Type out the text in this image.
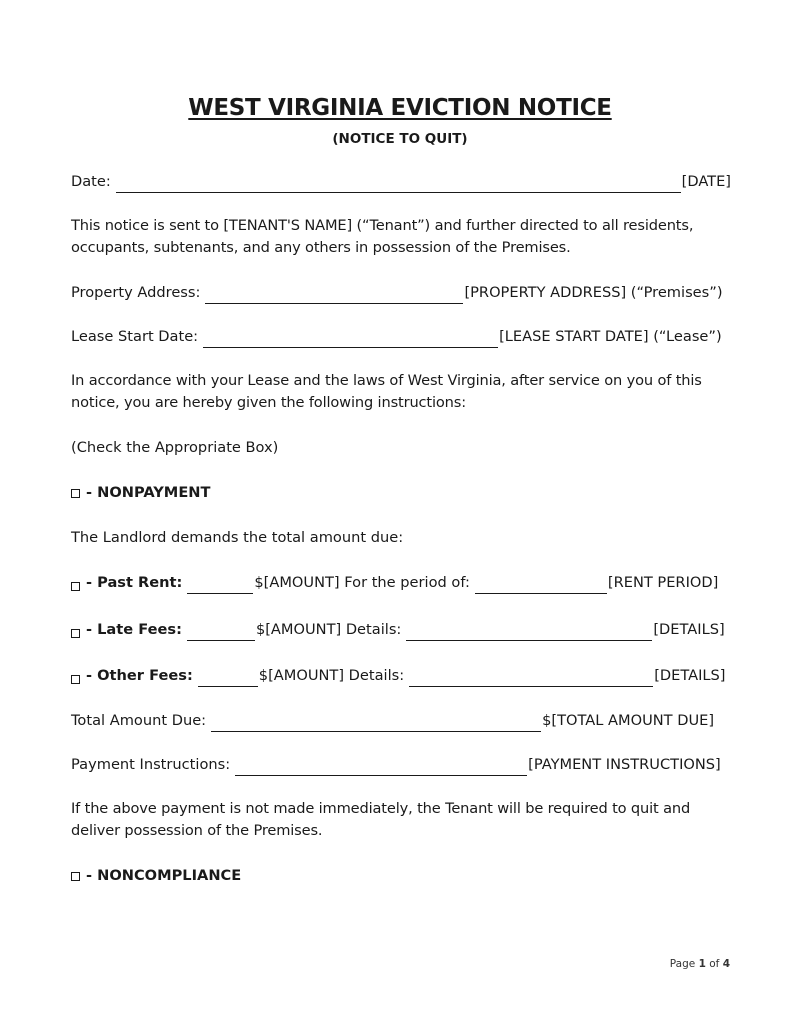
WEST VIRGINIA EVICTION NOTICE
(NOTICE TO QUIT)
Date:	[DATE]
This notice is sent to [TENANT'S NAME] (“Tenant”) and further directed to all residents, occupants, subtenants, and any others in possession of the Premises.
Property Address:	[PROPERTY ADDRESS] (“Premises”)
Lease Start Date:	[LEASE START DATE] (“Lease”)
In accordance with your Lease and the laws of West Virginia, after service on you of this notice, you are hereby given the following instructions:
(Check the Appropriate Box)
- NONPAYMENT
The Landlord demands the total amount due:
- Past Rent:	$[AMOUNT] For the period of:	[RENT PERIOD]
- Late Fees:	$[AMOUNT] Details:	[DETAILS]
- Other Fees:	$[AMOUNT] Details:	[DETAILS]
Total Amount Due:	$[TOTAL AMOUNT DUE]
Payment Instructions:	[PAYMENT INSTRUCTIONS]
If the above payment is not made immediately, the Tenant will be required to quit and deliver possession of the Premises.
- NONCOMPLIANCE
Page 1 of 4
